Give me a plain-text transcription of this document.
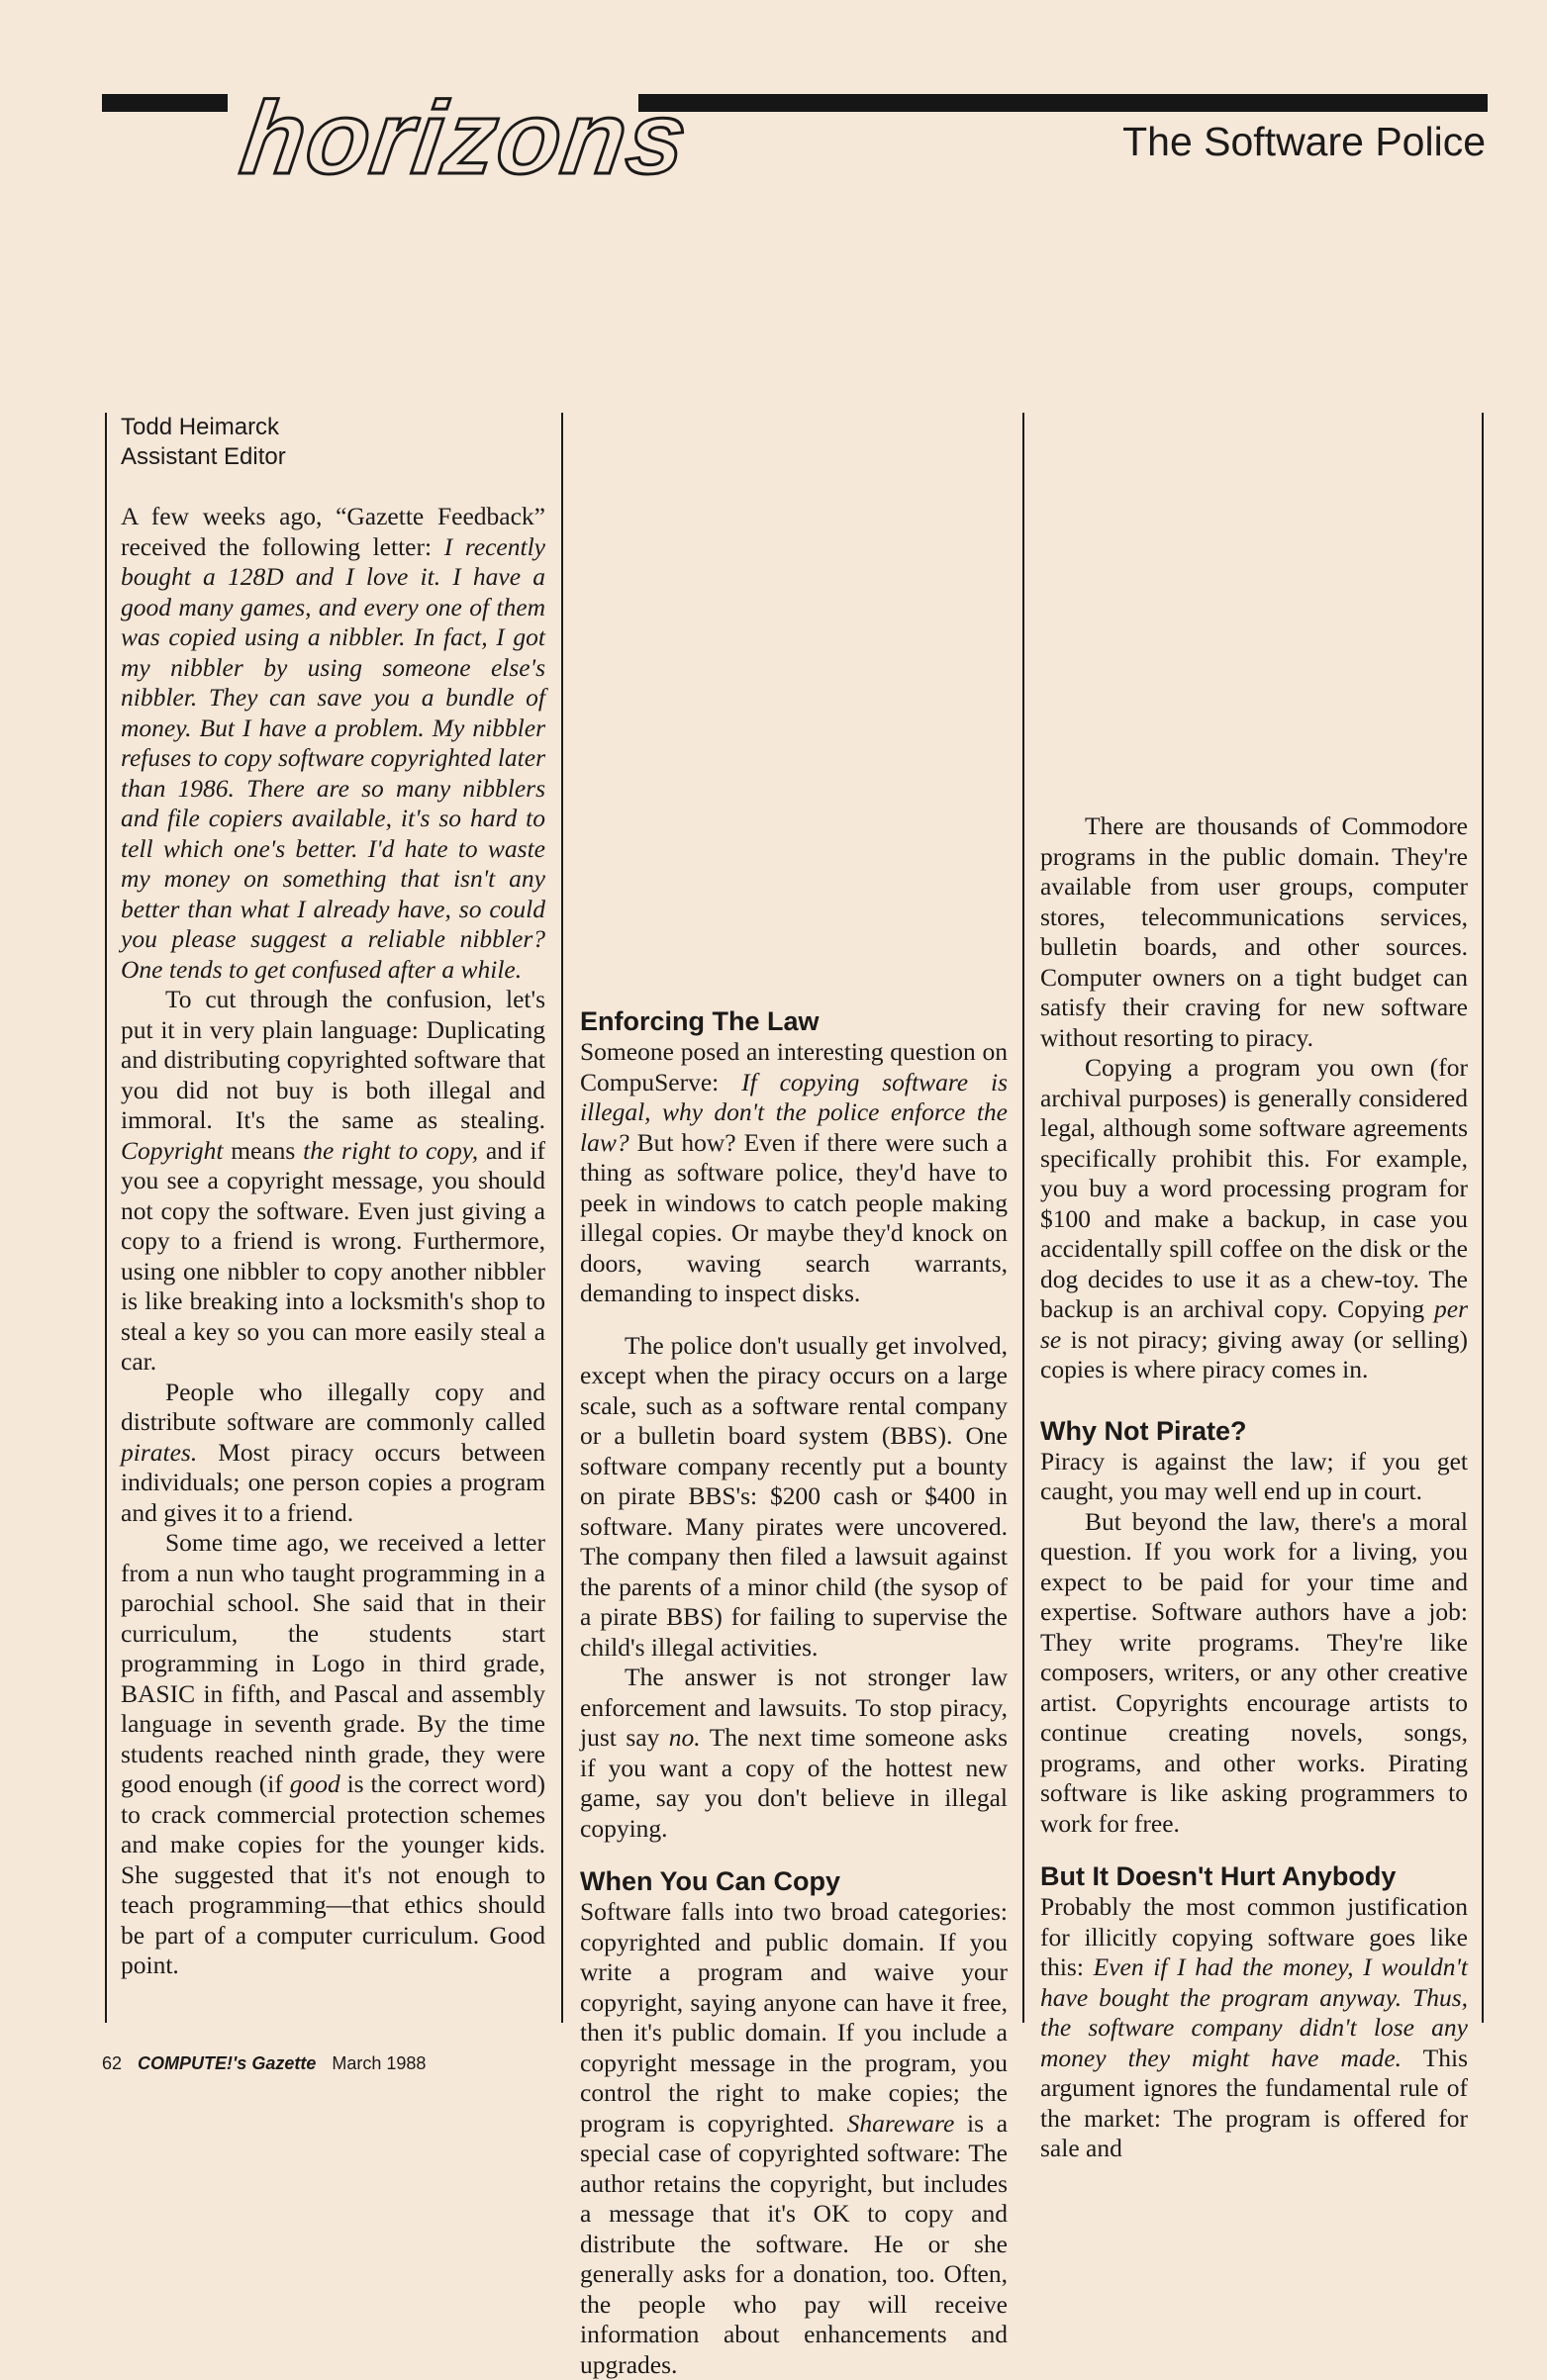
horizons	The Software Police
Todd Heimarck
Assistant Editor

A few weeks ago, “Gazette Feedback” received the following letter: I recently bought a 128D and I love it. I have a good many games, and every one of them was copied using a nibbler. In fact, I got my nibbler by using someone else's nibbler. They can save you a bundle of money. But I have a problem. My nibbler refuses to copy software copyrighted later than 1986. There are so many nibblers and file copiers available, it's so hard to tell which one's better. I'd hate to waste my money on something that isn't any better than what I already have, so could you please suggest a reliable nibbler? One tends to get confused after a while.

To cut through the confusion, let's put it in very plain language: Duplicating and distributing copyrighted software that you did not buy is both illegal and immoral. It's the same as stealing. Copyright means the right to copy, and if you see a copyright message, you should not copy the software. Even just giving a copy to a friend is wrong. Furthermore, using one nibbler to copy another nibbler is like breaking into a locksmith's shop to steal a key so you can more easily steal a car.

People who illegally copy and distribute software are commonly called pirates. Most piracy occurs between individuals; one person copies a program and gives it to a friend.

Some time ago, we received a letter from a nun who taught programming in a parochial school. She said that in their curriculum, the students start programming in Logo in third grade, BASIC in fifth, and Pascal and assembly language in seventh grade. By the time students reached ninth grade, they were good enough (if good is the correct word) to crack commercial protection schemes and make copies for the younger kids. She suggested that it's not enough to teach programming—that ethics should be part of a computer curriculum. Good point.

Enforcing The Law

Someone posed an interesting question on CompuServe: If copying software is illegal, why don't the police enforce the law? But how? Even if there were such a thing as software police, they'd have to peek in windows to catch people making illegal copies. Or maybe they'd knock on doors, waving search warrants, demanding to inspect disks.

The police don't usually get involved, except when the piracy occurs on a large scale, such as a software rental company or a bulletin board system (BBS). One software company recently put a bounty on pirate BBS's: $200 cash or $400 in software. Many pirates were uncovered. The company then filed a lawsuit against the parents of a minor child (the sysop of a pirate BBS) for failing to supervise the child's illegal activities.

The answer is not stronger law enforcement and lawsuits. To stop piracy, just say no. The next time someone asks if you want a copy of the hottest new game, say you don't believe in illegal copying.

When You Can Copy

Software falls into two broad categories: copyrighted and public domain. If you write a program and waive your copyright, saying anyone can have it free, then it's public domain. If you include a copyright message in the program, you control the right to make copies; the program is copyrighted. Shareware is a special case of copyrighted software: The author retains the copyright, but includes a message that it's OK to copy and distribute the software. He or she generally asks for a donation, too. Often, the people who pay will receive information about enhancements and upgrades.

There are thousands of Commodore programs in the public domain. They're available from user groups, computer stores, telecommunications services, bulletin boards, and other sources. Computer owners on a tight budget can satisfy their craving for new software without resorting to piracy.

Copying a program you own (for archival purposes) is generally considered legal, although some software agreements specifically prohibit this. For example, you buy a word processing program for $100 and make a backup, in case you accidentally spill coffee on the disk or the dog decides to use it as a chew-toy. The backup is an archival copy. Copying per se is not piracy; giving away (or selling) copies is where piracy comes in.

Why Not Pirate?

Piracy is against the law; if you get caught, you may well end up in court.

But beyond the law, there's a moral question. If you work for a living, you expect to be paid for your time and expertise. Software authors have a job: They write programs. They're like composers, writers, or any other creative artist. Copyrights encourage artists to continue creating novels, songs, programs, and other works. Pirating software is like asking programmers to work for free.

But It Doesn't Hurt Anybody

Probably the most common justification for illicitly copying software goes like this: Even if I had the money, I wouldn't have bought the program anyway. Thus, the software company didn't lose any money they might have made. This argument ignores the fundamental rule of the market: The program is offered for sale and

62 COMPUTE!'s Gazette March 1988
